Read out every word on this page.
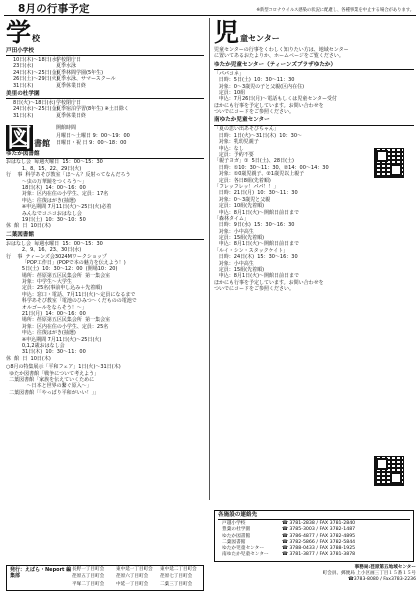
8月の行事予定	※新型コロナウイルス感染の状況に配慮し、各種事業を中止する場合があります。
学 校
戸田小学校
10日(木)〜18日(水)
学校閉庁日
23日(水)	夏季水泳
24日(木)〜25日(金)
夏季林間学園(5年生)
26日(土)〜29日(火)
夏季水泳、サマースクール
31日(木)	夏季休業日終
美里の杜学園
8日(火)〜18日(水) 学校閉庁日
24日(水)〜25日(金)
夏季宿泊学習(8年生) ※土日除く
31日(木)	夏季休業日終
図 書館
開館時間
月曜日〜土曜日 9：00〜19：00
日曜日・祝 日 9：00〜18：00
ゆたか図書館
おはなし会  毎週火曜日  15：00〜15：30
1、8、15、22、29日(火)
行    事  科学あそび教室「ほ〜ん？反射ってなんだろう
〜虫の万華鏡をつくろう〜」
18日(木)  14：00〜16：00
対象：区内在住の小学生、定員：17名
申込：往復はがき(抽選)
※申込期間 7月11日(火)〜25日(火)必着
みんなでコニコおはなし会
19日(土)  10：30〜10：50
休  館  日  10日(木)
二葉図書館
おはなし会  毎週水曜日  15：00〜15：30
2、9、16、23、30日(水)
行    事  ティーンズ会3024Mワークショップ
「POP工作日」(POPで本の魅力を伝えよう！)
5日(土)  10：30〜12：00  (開場10：20)
場所：荏原第五区民集会所  第一集会室
対象：中学生〜大学生
定員：25名(事前申し込み＋先着順)
申込：窓口・電話、7月11日(火)〜定員になるまで
科学あそび教室「電池のひみつ〜くだものの電池で
オルゴールをならそう！〜」
21日(月)  14：00〜16：00
場所：荏原第五区民集会所  第一集会室
対象：区内在住の小学生、定員：25名
申込：往復はがき(抽選)
※申込期間 7月11日(火)〜25日(火)
0,1,2歳おはなし会
31日(木)  10：30〜11：00
休  館  日  10日(木)
○8月の特集展示「平和フェア」1日(火)〜31日(木)
ゆたか図書館「戦争について考えよう」
二葉図書館「家族を伝えていくために
〜日本と世界の繋ぐ原入〜」
二葉図書館「「やっぱり平和がいい！」」
児 童センター
児童センターの行事をくわしく知りたい方は、地域センター
に置いてあるおたよりか、ホームページをご覧ください。
ゆたか児童センター（ティーンズプラザゆたか）
「パパコネ」
日時：5日(土)  10：30〜11：30
対象：0〜3歳児の子と父親(区内在住)
定員：10組
申込：7月26日(月)〜電話もしくは児童センター受付
ほかにも行事を予定しています。お問い合わせを
ついでにコードをご参照ください。
南ゆたか児童センター
「夏の思い出あそびちゃん」
日時：1日(火)〜31日(木)  10：30〜
対象：乳幼児親子
申込：なし
定員：予約不要
「親子ヨガ」①  5日(土)、28日(土)
日時：①10：30〜11：30、②14：00〜14：30
対象：①0歳児親子、②1歳児以上親子
定員：各日8組(先着順)
「フレッフレッ！パパ！！」
日時：21日(月)  10：30〜11：30
対象：0〜3歳児と父親
定員：10組(先着順)
申込：8月1日(火)〜開館日前日まで
「森林タイム」
日時：9日(水)  15：30〜16：30
対象：小中高生
定員：15組(先着順)
申込：8月1日(火)〜開館日前日まで
「ルイ・シン・スタックケイト」
日時：24日(木)  15：30〜16：30
対象：小中高生
定員：15組(先着順)
申込：8月1日(火)〜開館日前日まで
ほかにも行事を予定しています。お問い合わせを
ついでにコードをご参照ください。
各施設の連絡先
戸越小学校	☎ 3781-2838 / FAX 3781-2840
豊葉の杜学園	☎ 3785-3003 / FAX 3782-1487
ゆたか図書館	☎ 3786-4877 / FAX 3782-4895
二葉図書館	☎ 3782-5866 / FAX 3782-5844
ゆたか児童センター	☎ 3788-0433 / FAX 3788-1925
南ゆたか児童センター	☎ 3781-3877 / FAX 3781-3878
発行：えばら・Neport 編集部
長野一丁目町会	東中延一丁目町会	東中延二丁目町会
荏原五丁目町会	荏原六丁目町会	荏原七丁目町会
平塚二丁目町会	中延一丁目町会	二葉三丁目町会
事務局:荏原第五地域センター
町会員、郵便局 上小区画三丁目１５番１５号
☎3783-8080 / Fax3783-2236
